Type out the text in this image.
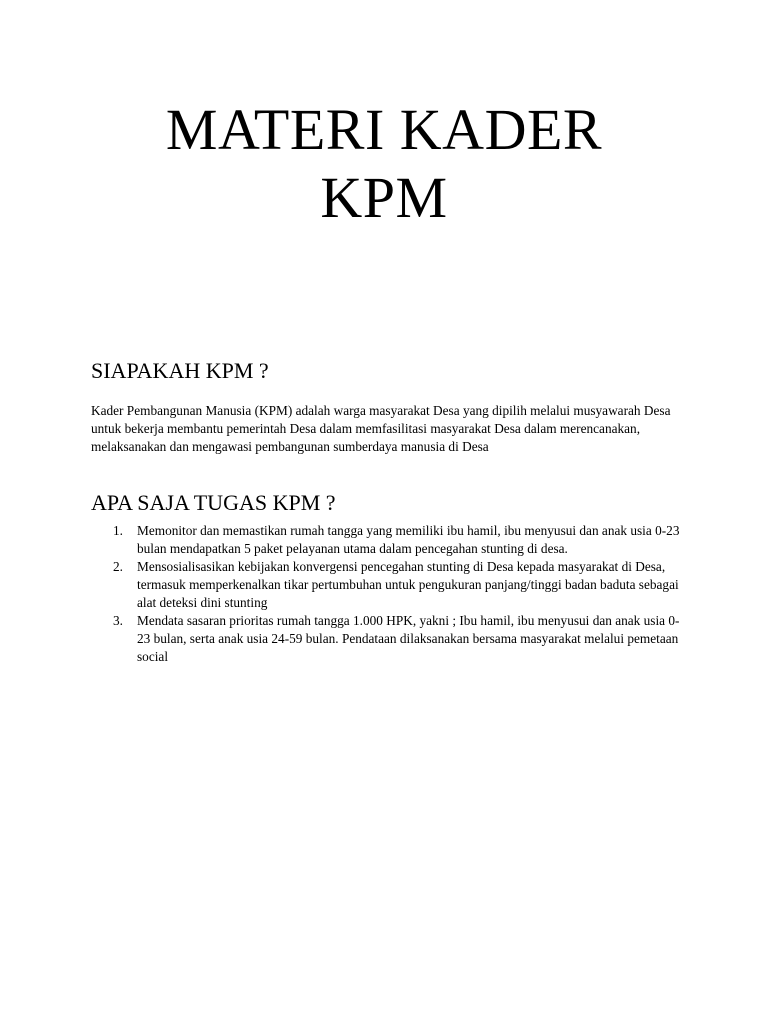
MATERI KADER
KPM
SIAPAKAH KPM ?

Kader Pembangunan Manusia (KPM) adalah warga masyarakat Desa yang dipilih melalui musyawarah Desa untuk bekerja membantu pemerintah Desa dalam memfasilitasi masyarakat Desa dalam merencanakan, melaksanakan dan mengawasi pembangunan sumberdaya manusia di Desa

APA SAJA TUGAS KPM ?
1. Memonitor dan memastikan rumah tangga yang memiliki ibu hamil, ibu menyusui dan anak usia 0-23 bulan mendapatkan 5 paket pelayanan utama dalam pencegahan stunting di desa.
2. Mensosialisasikan kebijakan konvergensi pencegahan stunting di Desa kepada masyarakat di Desa, termasuk memperkenalkan tikar pertumbuhan untuk pengukuran panjang/tinggi badan baduta sebagai alat deteksi dini stunting
3. Mendata sasaran prioritas rumah tangga 1.000 HPK, yakni ; Ibu hamil, ibu menyusui dan anak usia 0-23 bulan, serta anak usia 24-59 bulan. Pendataan dilaksanakan bersama masyarakat melalui pemetaan social
